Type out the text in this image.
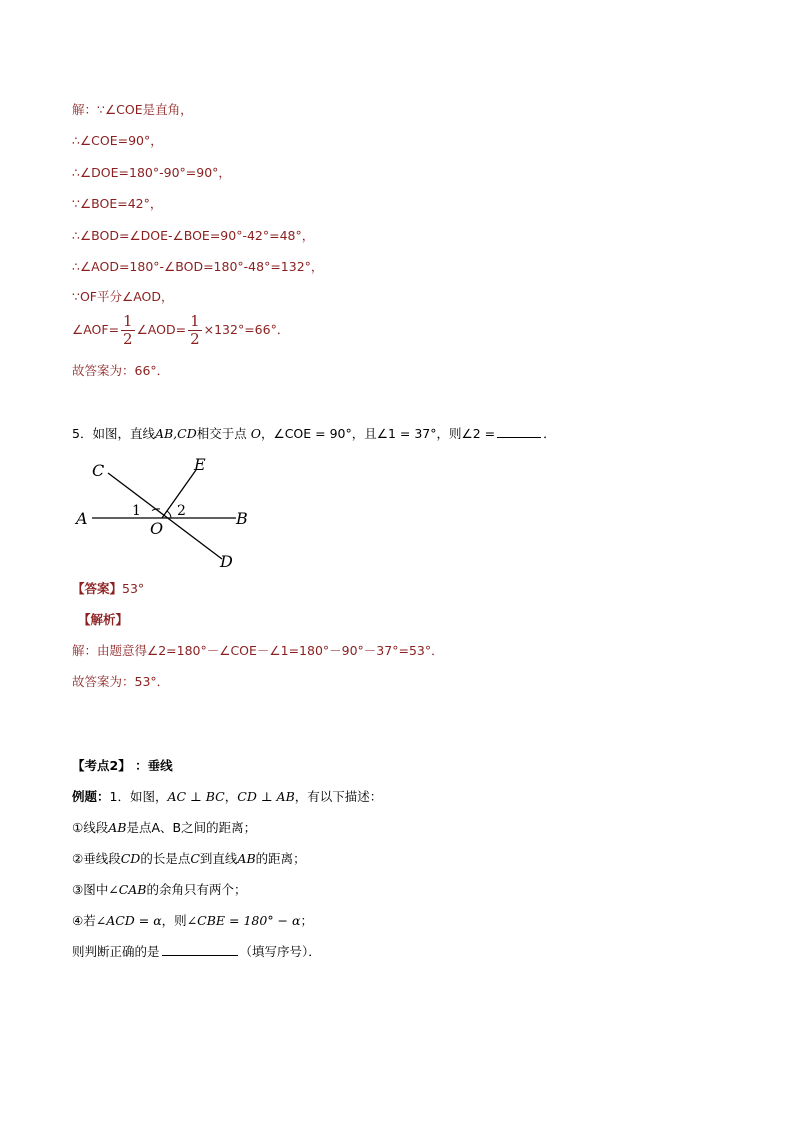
解：∵∠COE是直角，
∴∠COE=90°，
∴∠DOE=180°-90°=90°，
∵∠BOE=42°，
∴∠BOD=∠DOE-∠BOE=90°-42°=48°，
∴∠AOD=180°-∠BOD=180°-48°=132°，
∵OF平分∠AOD，
∠AOF= $\frac{1}{2}$ ∠AOD= $\frac{1}{2} \times 132^\circ=66^\circ$．
故答案为：66°．
5．如图，直线AB,CD相交于点 O，∠COE = 90°，且∠1 = 37°，则∠2 =	．
C	E
A	B
O
D
1	2
【答案】53°
【解析】
解：由题意得∠2=180°－∠COE－∠1=180°－90°－37°=53°．
故答案为：53°．
【考点2】 ：垂线
例题：1．如图，AC ⊥ BC，CD ⊥ AB，有以下描述：
①线段AB是点A、B之间的距离；
②垂线段CD的长是点C到直线AB的距离；
③图中∠CAB的余角只有两个；
④若∠ACD = α，则∠CBE = 180° − α；
则判断正确的是	（填写序号）．
